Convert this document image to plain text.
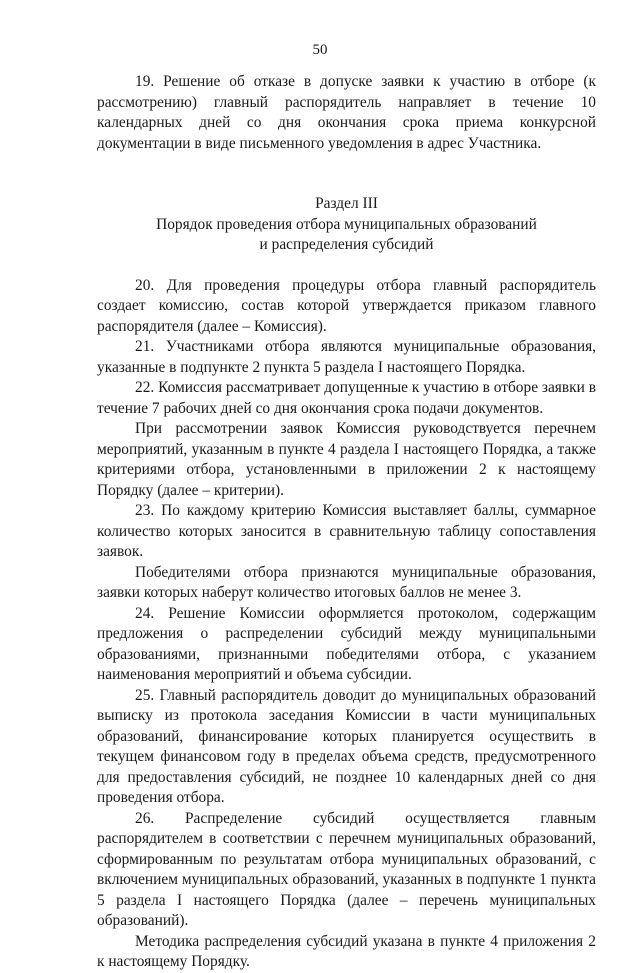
50

19. Решение об отказе в допуске заявки к участию в отборе (к рассмотрению) главный распорядитель направляет в течение 10 календарных дней со дня окончания срока приема конкурсной документации в виде письменного уведомления в адрес Участника.

Раздел III

Порядок проведения отбора муниципальных образований

и распределения субсидий

20. Для проведения процедуры отбора главный распорядитель создает комиссию, состав которой утверждается приказом главного распорядителя (далее – Комиссия).

21. Участниками отбора являются муниципальные образования, указанные в подпункте 2 пункта 5 раздела I настоящего Порядка.

22. Комиссия рассматривает допущенные к участию в отборе заявки в течение 7 рабочих дней со дня окончания срока подачи документов.

При рассмотрении заявок Комиссия руководствуется перечнем мероприятий, указанным в пункте 4 раздела I настоящего Порядка, а также критериями отбора, установленными в приложении 2 к настоящему Порядку (далее – критерии).

23. По каждому критерию Комиссия выставляет баллы, суммарное количество которых заносится в сравнительную таблицу сопоставления заявок.

Победителями отбора признаются муниципальные образования, заявки которых наберут количество итоговых баллов не менее 3.

24. Решение Комиссии оформляется протоколом, содержащим предложения о распределении субсидий между муниципальными образованиями, признанными победителями отбора, с указанием наименования мероприятий и объема субсидии.

25. Главный распорядитель доводит до муниципальных образований выписку из протокола заседания Комиссии в части муниципальных образований, финансирование которых планируется осуществить в текущем финансовом году в пределах объема средств, предусмотренного для предоставления субсидий, не позднее 10 календарных дней со дня проведения отбора.

26. Распределение субсидий осуществляется главным распорядителем в соответствии с перечнем муниципальных образований, сформированным по результатам отбора муниципальных образований, с включением муниципальных образований, указанных в подпункте 1 пункта 5 раздела I настоящего Порядка (далее – перечень муниципальных образований).

Методика распределения субсидий указана в пункте 4 приложения 2 к настоящему Порядку.
